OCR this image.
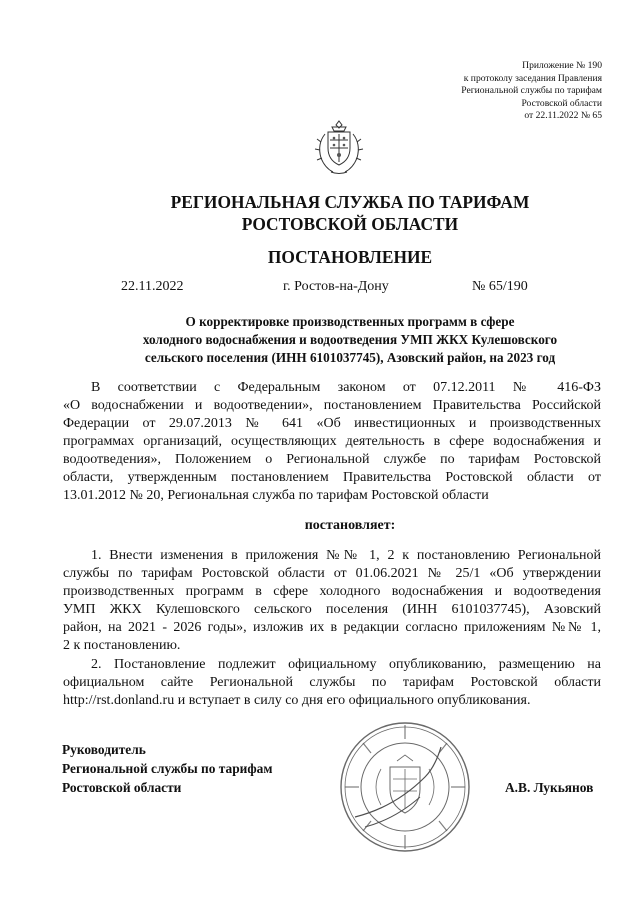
Приложение № 190
к протоколу заседания Правления
Региональной службы по тарифам
Ростовской области
от 22.11.2022 № 65
РЕГИОНАЛЬНАЯ СЛУЖБА ПО ТАРИФАМ
РОСТОВСКОЙ ОБЛАСТИ
ПОСТАНОВЛЕНИЕ
22.11.2022	г. Ростов-на-Дону	№ 65/190
О корректировке производственных программ в сфере
холодного водоснабжения и водоотведения УМП ЖКХ Кулешовского
сельского поселения (ИНН 6101037745), Азовский район, на 2023 год
В соответствии с Федеральным законом от 07.12.2011 № 416-ФЗ
«О водоснабжении и водоотведении», постановлением Правительства Российской
Федерации от 29.07.2013 № 641 «Об инвестиционных и производственных
программах организаций, осуществляющих деятельность в сфере водоснабжения и
водоотведения», Положением о Региональной службе по тарифам Ростовской
области, утвержденным постановлением Правительства Ростовской области от
13.01.2012 № 20, Региональная служба по тарифам Ростовской области
постановляет:
1. Внести изменения в приложения №№ 1, 2 к постановлению Региональной
службы по тарифам Ростовской области от 01.06.2021 № 25/1 «Об утверждении
производственных программ в сфере холодного водоснабжения и водоотведения
УМП ЖКХ Кулешовского сельского поселения (ИНН 6101037745), Азовский
район, на 2021 - 2026 годы», изложив их в редакции согласно приложениям №№ 1,
2 к постановлению.
2. Постановление подлежит официальному опубликованию, размещению на
официальном сайте Региональной службы по тарифам Ростовской области
http://rst.donland.ru и вступает в силу со дня его официального опубликования.
Руководитель
Региональной службы по тарифам
Ростовской области	А.В. Лукьянов
